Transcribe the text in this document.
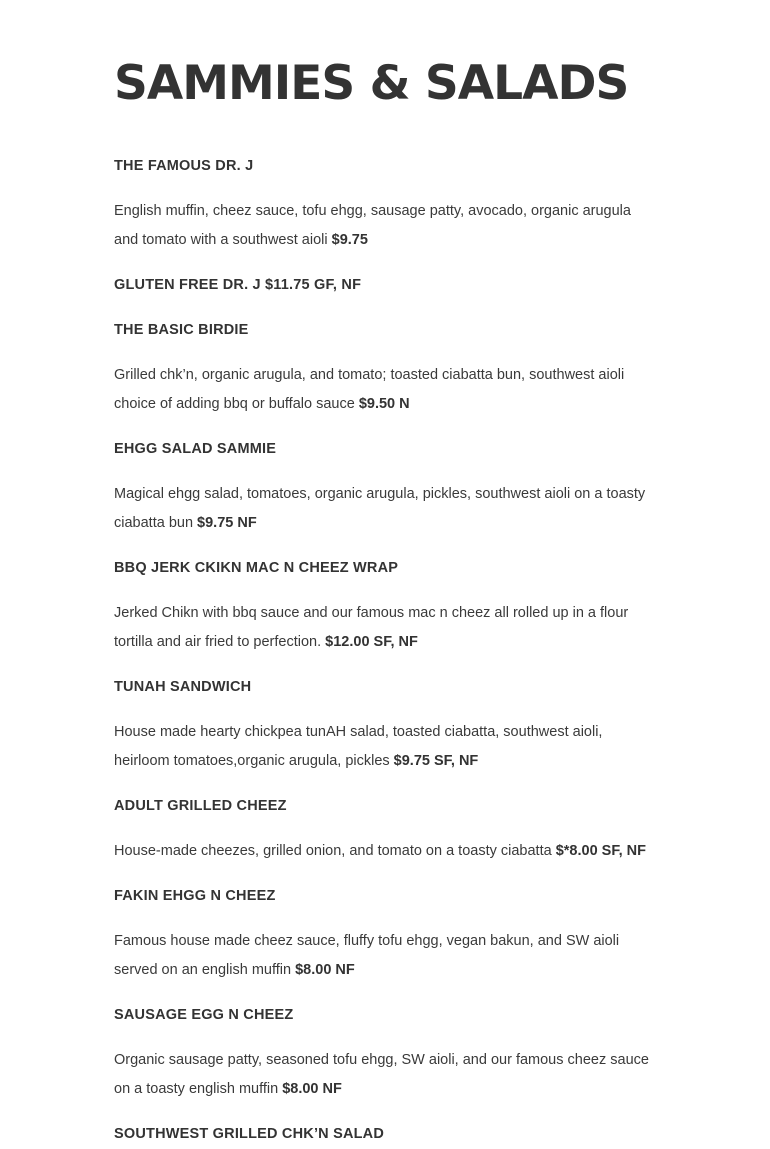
SAMMIES & SALADS

THE FAMOUS DR. J

English muffin, cheez sauce, tofu ehgg, sausage patty, avocado, organic arugula and tomato with a southwest aioli $9.75

GLUTEN FREE DR. J $11.75 GF, NF

THE BASIC BIRDIE

Grilled chk’n, organic arugula, and tomato; toasted ciabatta bun, southwest aioli choice of adding bbq or buffalo sauce $9.50 N

EHGG SALAD SAMMIE

Magical ehgg salad, tomatoes, organic arugula, pickles, southwest aioli on a toasty ciabatta bun $9.75 NF

BBQ JERK CKIKN MAC N CHEEZ WRAP

Jerked Chikn with bbq sauce and our famous mac n cheez all rolled up in a flour tortilla and air fried to perfection. $12.00 SF, NF

TUNAH SANDWICH

House made hearty chickpea tunAH salad, toasted ciabatta, southwest aioli, heirloom tomatoes,organic arugula, pickles $9.75 SF, NF

ADULT GRILLED CHEEZ

House-made cheezes, grilled onion, and tomato on a toasty ciabatta $*8.00 SF, NF

FAKIN EHGG N CHEEZ

Famous house made cheez sauce, fluffy tofu ehgg, vegan bakun, and SW aioli served on an english muffin $8.00 NF

SAUSAGE EGG N CHEEZ

Organic sausage patty, seasoned tofu ehgg, SW aioli, and our famous cheez sauce on a toasty english muffin $8.00 NF

SOUTHWEST GRILLED CHK’N SALAD
